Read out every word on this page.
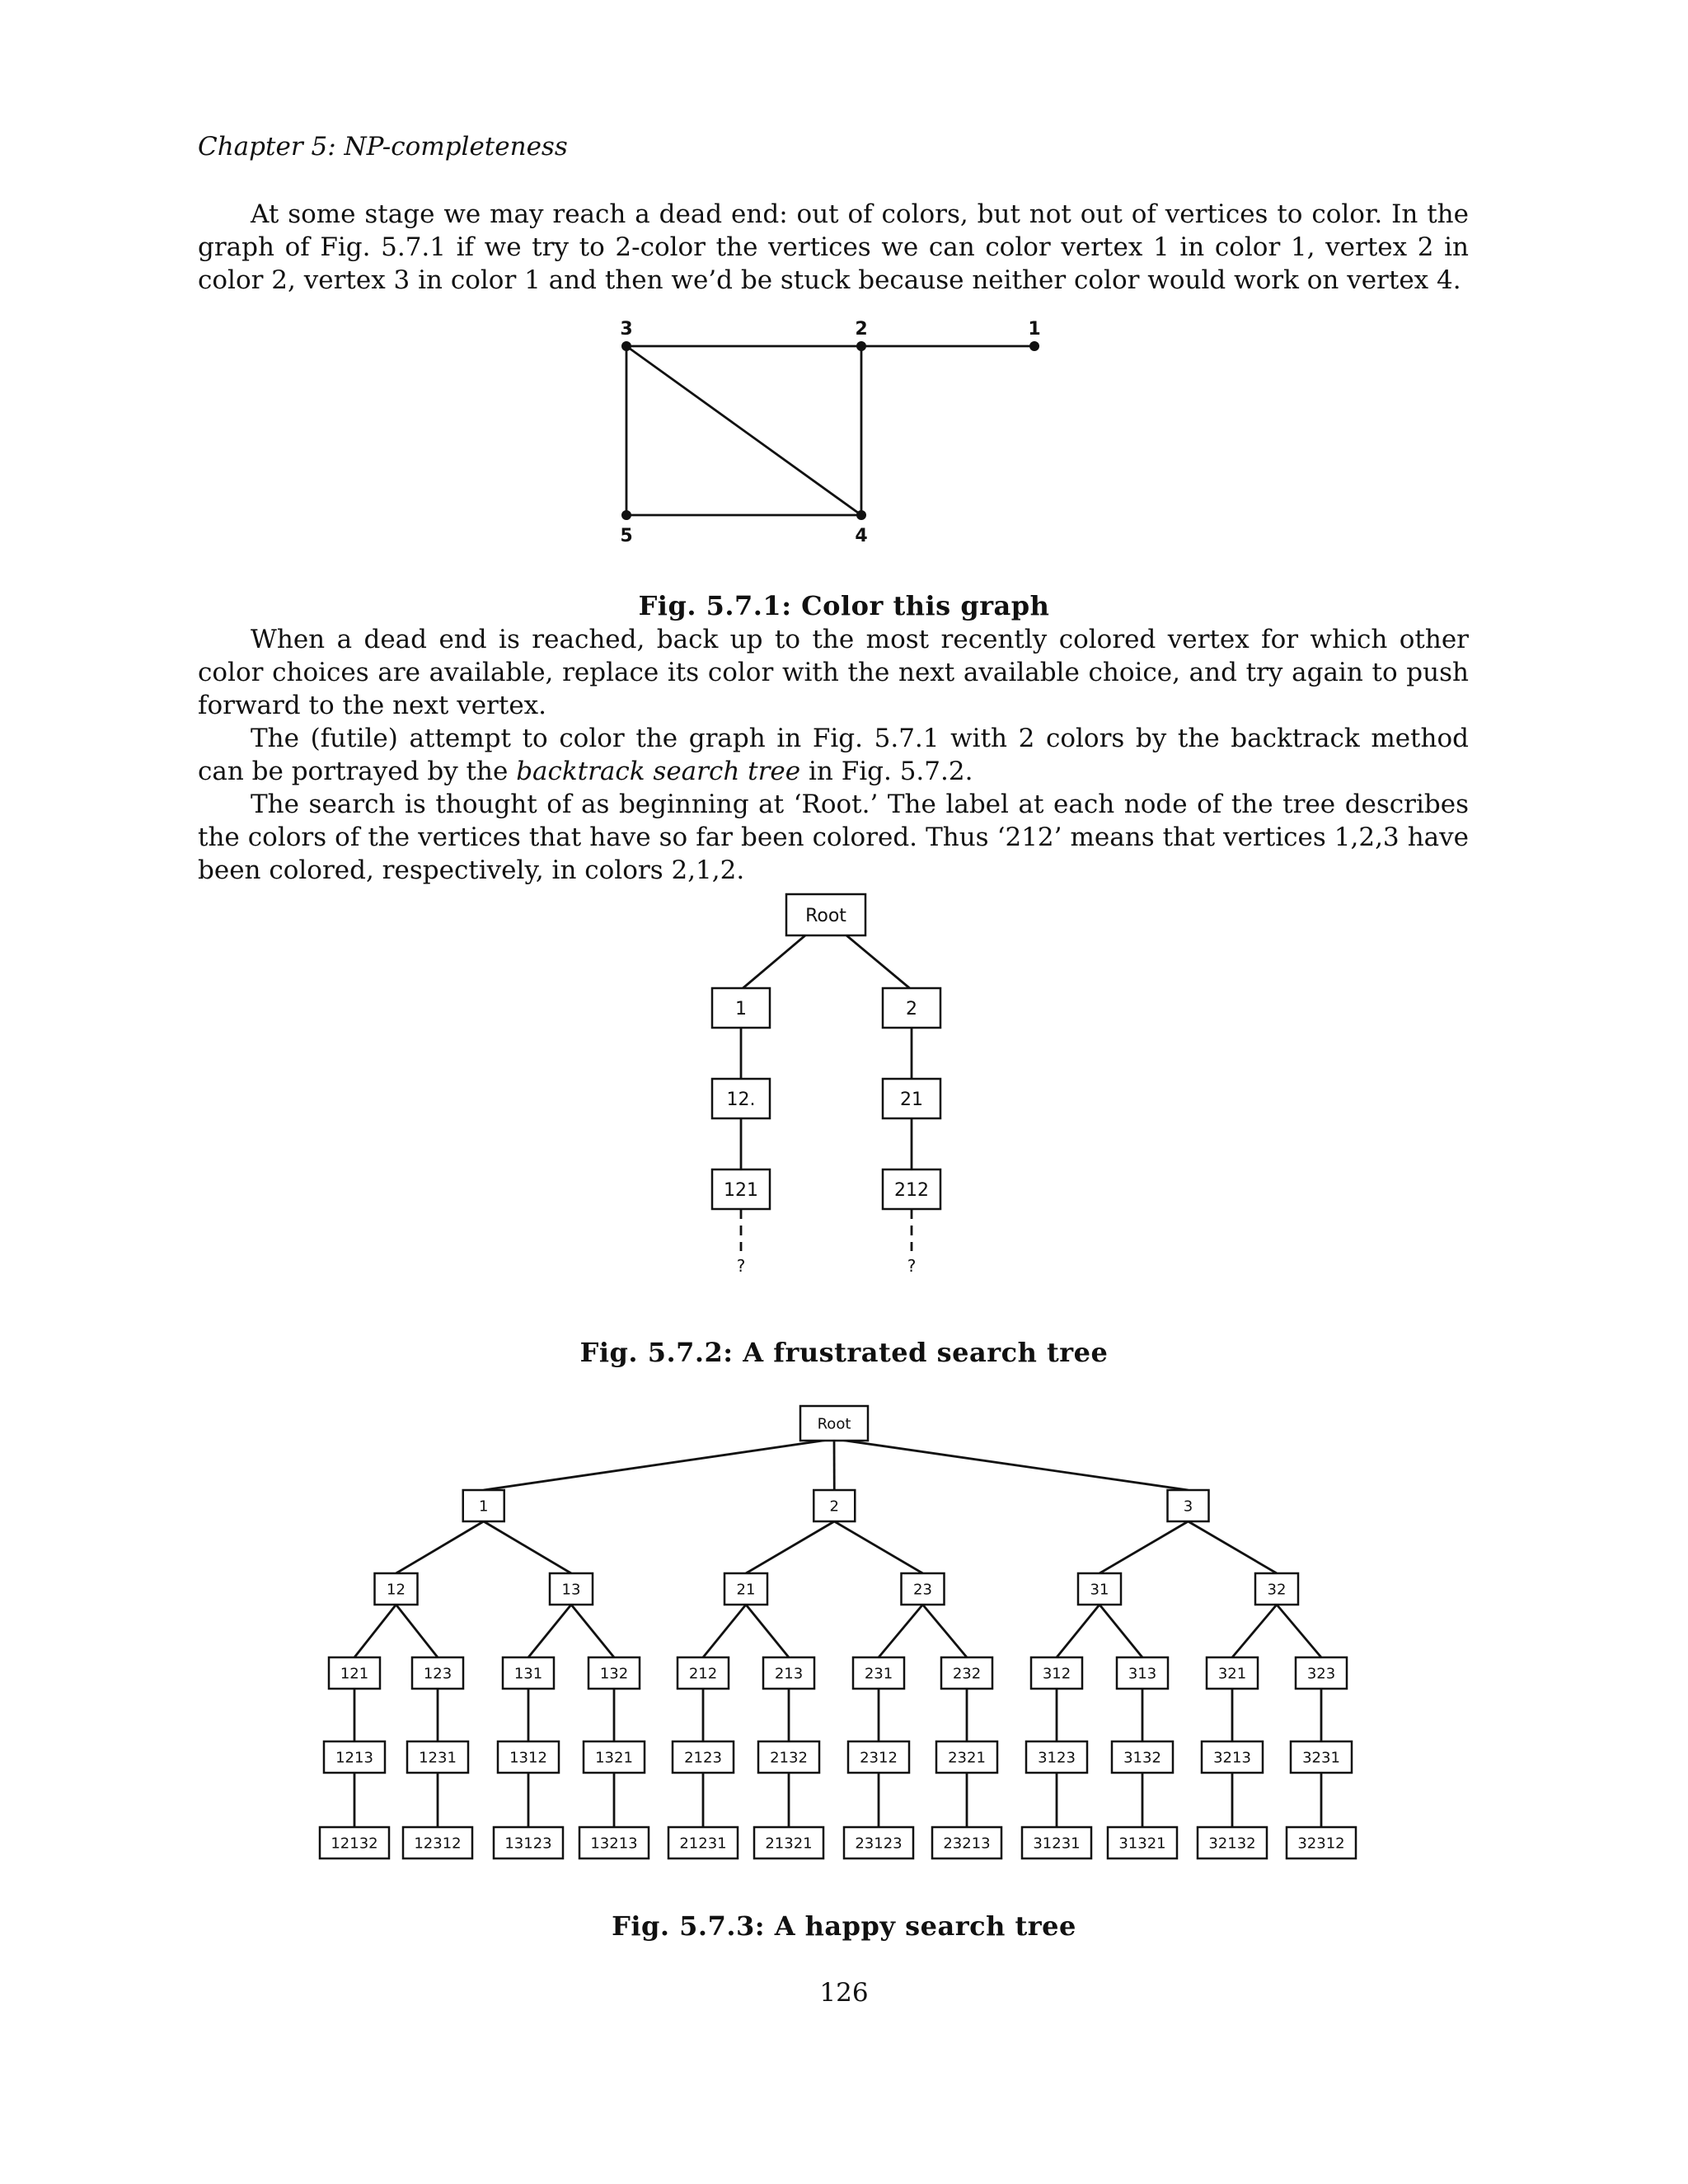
Chapter 5: NP-completeness
At some stage we may reach a dead end: out of colors, but not out of vertices to color. In the graph of Fig. 5.7.1 if we try to 2-color the vertices we can color vertex 1 in color 1, vertex 2 in color 2, vertex 3 in color 1 and then we’d be stuck because neither color would work on vertex 4.
3	2	1
5	4
Fig. 5.7.1: Color this graph
When a dead end is reached, back up to the most recently colored vertex for which other color choices are available, replace its color with the next available choice, and try again to push forward to the next vertex.
The (futile) attempt to color the graph in Fig. 5.7.1 with 2 colors by the backtrack method can be portrayed by the backtrack search tree in Fig. 5.7.2.
The search is thought of as beginning at ‘Root.’ The label at each node of the tree describes the colors of the vertices that have so far been colored. Thus ‘212’ means that vertices 1,2,3 have been colored, respectively, in colors 2,1,2.
1
12.
121
?
2
21
212
?
Root
Fig. 5.7.2: A frustrated search tree
Root
1	2	3
12	13	21	23	31	32
121	123	131	132	212	213	231	232	312	313	321	323
1213	1231	1312	1321	2123	2132	2312	2321	3123	3132	3213	3231
12132 12312	13123	13213	21231	21321	23123	23213	31231	31321	32132	32312
Fig. 5.7.3: A happy search tree
126
